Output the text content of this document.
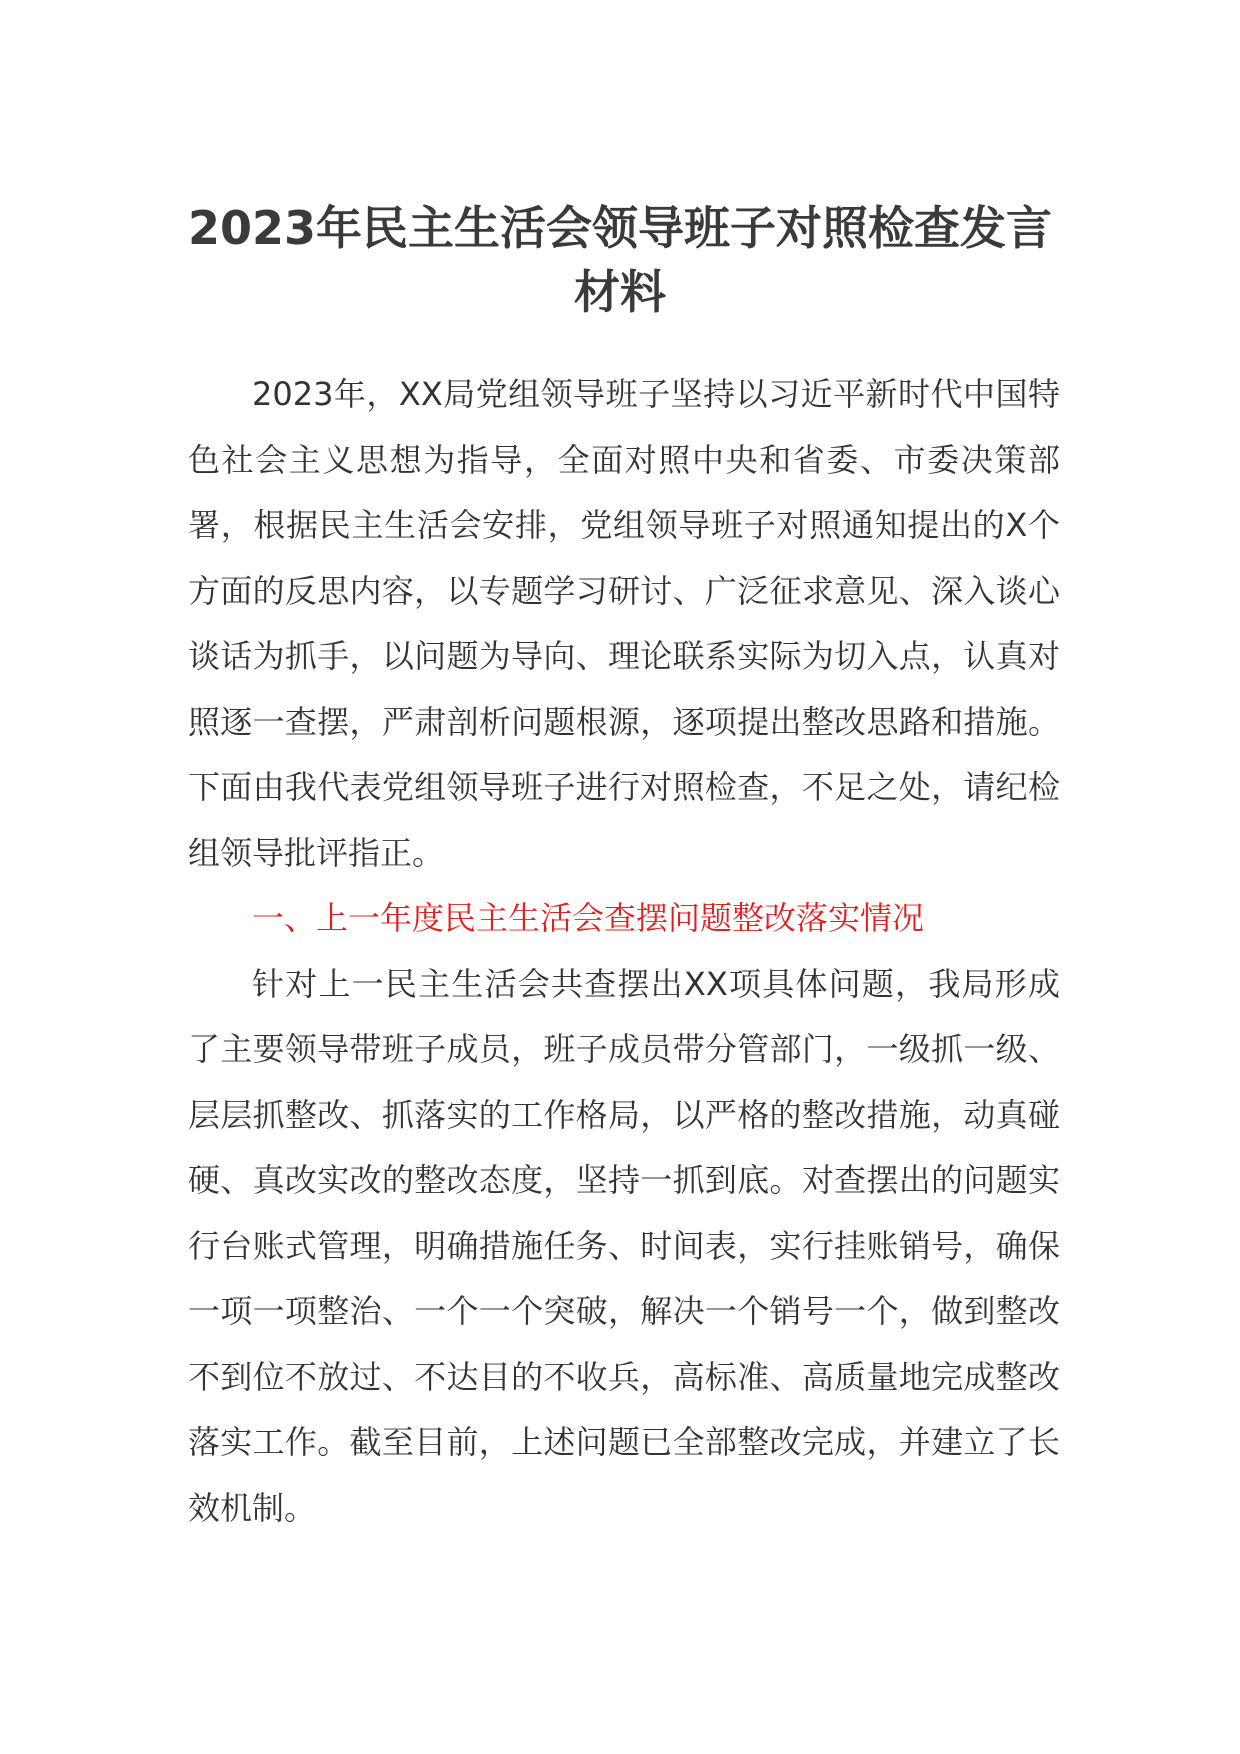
2023年民主生活会领导班子对照检查发言材料

2023年，XX局党组领导班子坚持以习近平新时代中国特色社会主义思想为指导，全面对照中央和省委、市委决策部署，根据民主生活会安排，党组领导班子对照通知提出的X个方面的反思内容，以专题学习研讨、广泛征求意见、深入谈心谈话为抓手，以问题为导向、理论联系实际为切入点，认真对照逐一查摆，严肃剖析问题根源，逐项提出整改思路和措施。下面由我代表党组领导班子进行对照检查，不足之处，请纪检组领导批评指正。

一、上一年度民主生活会查摆问题整改落实情况

针对上一民主生活会共查摆出XX项具体问题，我局形成了主要领导带班子成员，班子成员带分管部门，一级抓一级、层层抓整改、抓落实的工作格局，以严格的整改措施，动真碰硬、真改实改的整改态度，坚持一抓到底。对查摆出的问题实行台账式管理，明确措施任务、时间表，实行挂账销号，确保一项一项整治、一个一个突破，解决一个销号一个，做到整改不到位不放过、不达目的不收兵，高标准、高质量地完成整改落实工作。截至目前，上述问题已全部整改完成，并建立了长效机制。
